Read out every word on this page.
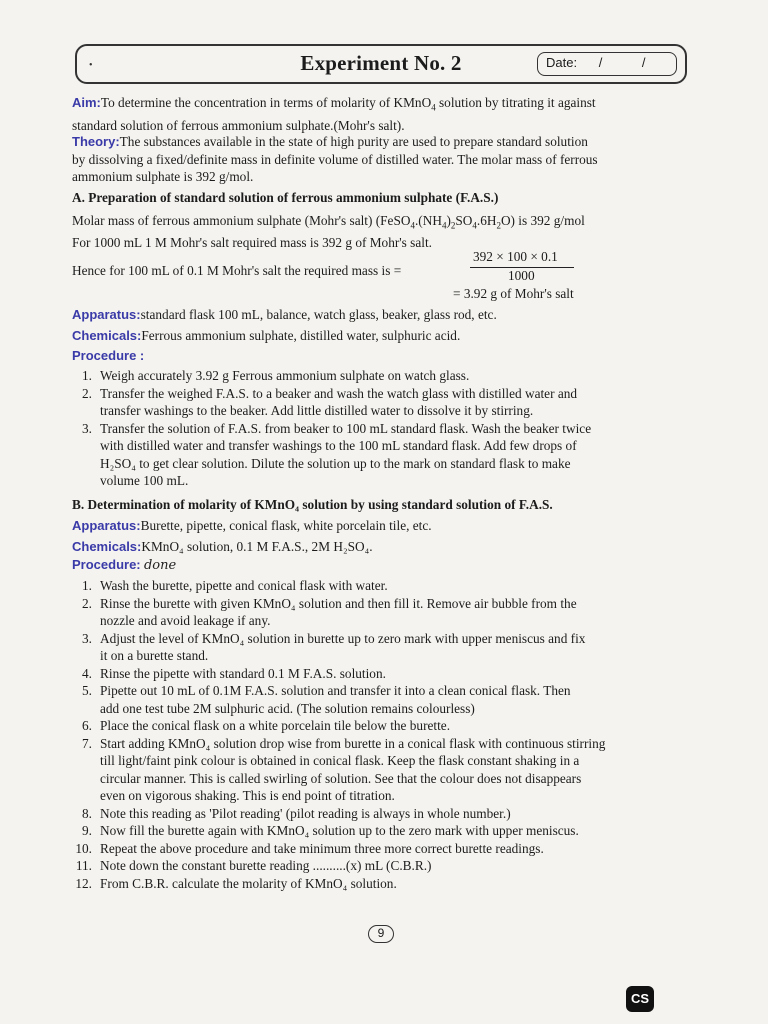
•	Experiment No. 2	Date: / /
Aim:To determine the concentration in terms of molarity of KMnO$_4$ solution by titrating it against
standard solution of ferrous ammonium sulphate.(Mohr's salt).
Theory:The substances available in the state of high purity are used to prepare standard solution
by dissolving a fixed/definite mass in definite volume of distilled water. The molar mass of ferrous
ammonium sulphate is 392 g/mol.
A. Preparation of standard solution of ferrous ammonium sulphate (F.A.S.)
Molar mass of ferrous ammonium sulphate (Mohr's salt) $(FeSO_4.(NH_4)_2SO_4.6H_2O)$ is 392 g/mol
For 1000 mL 1 M Mohr's salt required mass is 392 g of Mohr's salt.
Hence for 100 mL of 0.1 M Mohr's salt the required mass is =
392 × 100 × 0.1
1000
= 3.92 g of Mohr's salt
Apparatus:standard flask 100 mL, balance, watch glass, beaker, glass rod, etc.
Chemicals:Ferrous ammonium sulphate, distilled water, sulphuric acid.
Procedure :
1. Weigh accurately 3.92 g Ferrous ammonium sulphate on watch glass.
2. Transfer the weighed F.A.S. to a beaker and wash the watch glass with distilled water and
transfer washings to the beaker. Add little distilled water to dissolve it by stirring.
3. Transfer the solution of F.A.S. from beaker to 100 mL standard flask. Wash the beaker twice
with distilled water and transfer washings to the 100 mL standard flask. Add few drops of
H₂SO₄ to get clear solution. Dilute the solution up to the mark on standard flask to make
volume 100 mL.
B. Determination of molarity of KMnO₄ solution by using standard solution of F.A.S.
Apparatus:Burette, pipette, conical flask, white porcelain tile, etc.
Chemicals:KMnO₄ solution, 0.1 M F.A.S., 2M H₂SO₄.
Procedure: done
1. Wash the burette, pipette and conical flask with water.
2. Rinse the burette with given KMnO₄ solution and then fill it. Remove air bubble from the
nozzle and avoid leakage if any.
3. Adjust the level of KMnO₄ solution in burette up to zero mark with upper meniscus and fix
it on a burette stand.
4. Rinse the pipette with standard 0.1 M F.A.S. solution.
5. Pipette out 10 mL of 0.1M F.A.S. solution and transfer it into a clean conical flask. Then
add one test tube 2M sulphuric acid. (The solution remains colourless)
6. Place the conical flask on a white porcelain tile below the burette.
7. Start adding KMnO₄ solution drop wise from burette in a conical flask with continuous stirring
till light/faint pink colour is obtained in conical flask. Keep the flask constant shaking in a
circular manner. This is called swirling of solution. See that the colour does not disappears
even on vigorous shaking. This is end point of titration.
8. Note this reading as 'Pilot reading' (pilot reading is always in whole number.)
9. Now fill the burette again with KMnO₄ solution up to the zero mark with upper meniscus.
10. Repeat the above procedure and take minimum three more correct burette readings.
11. Note down the constant burette reading ..........(x) mL (C.B.R.)
12. From C.B.R. calculate the molarity of KMnO₄ solution.
9
CS
